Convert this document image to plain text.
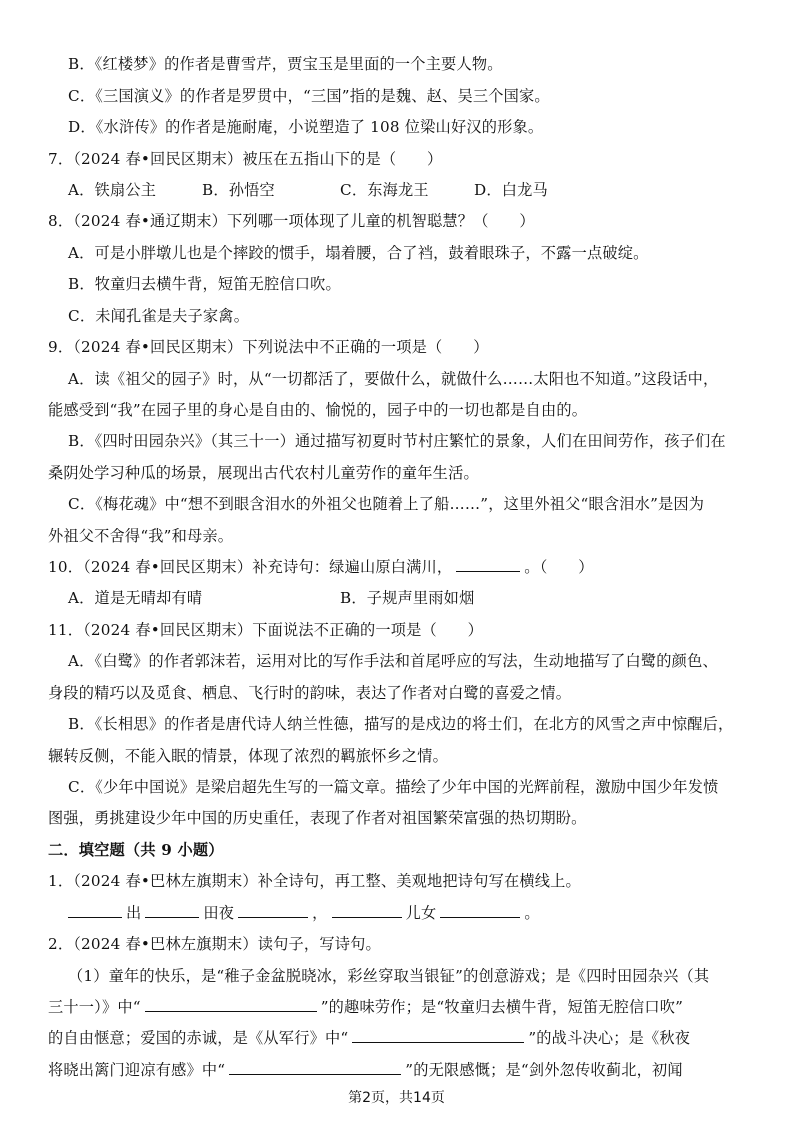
B．《红楼梦》的作者是曹雪芹，贾宝玉是里面的一个主要人物。
C．《三国演义》的作者是罗贯中，“三国”指的是魏、赵、吴三个国家。
D．《水浒传》的作者是施耐庵，小说塑造了 108 位梁山好汉的形象。
7．（2024 春•回民区期末）被压在五指山下的是（　　）
A．铁扇公主	B．孙悟空	C．东海龙王	D．白龙马
8．（2024 春•通辽期末）下列哪一项体现了儿童的机智聪慧？（　　）
A．可是小胖墩儿也是个摔跤的惯手，塌着腰，合了裆，鼓着眼珠子，不露一点破绽。
B．牧童归去横牛背，短笛无腔信口吹。
C．未闻孔雀是夫子家禽。
9．（2024 春•回民区期末）下列说法中不正确的一项是（　　）
A．读《祖父的园子》时，从“一切都活了，要做什么，就做什么……太阳也不知道。”这段话中，
能感受到“我”在园子里的身心是自由的、愉悦的，园子中的一切也都是自由的。
B．《四时田园杂兴》（其三十一）通过描写初夏时节村庄繁忙的景象，人们在田间劳作，孩子们在
桑阴处学习种瓜的场景，展现出古代农村儿童劳作的童年生活。
C．《梅花魂》中“想不到眼含泪水的外祖父也随着上了船……”，这里外祖父“眼含泪水”是因为
外祖父不舍得“我”和母亲。
10．（2024 春•回民区期末）补充诗句：绿遍山原白满川，	。（　　）
A．道是无晴却有晴	B．子规声里雨如烟
11．（2024 春•回民区期末）下面说法不正确的一项是（　　）
A．《白鹭》的作者郭沫若，运用对比的写作手法和首尾呼应的写法，生动地描写了白鹭的颜色、
身段的精巧以及觅食、栖息、飞行时的韵味，表达了作者对白鹭的喜爱之情。
B．《长相思》的作者是唐代诗人纳兰性德，描写的是戍边的将士们，在北方的风雪之声中惊醒后，
辗转反侧，不能入眠的情景，体现了浓烈的羁旅怀乡之情。
C．《少年中国说》是梁启超先生写的一篇文章。描绘了少年中国的光辉前程，激励中国少年发愤
图强，勇挑建设少年中国的历史重任，表现了作者对祖国繁荣富强的热切期盼。
二．填空题（共 9 小题）
1．（2024 春•巴林左旗期末）补全诗句，再工整、美观地把诗句写在横线上。
出	田夜	，	儿女	。
2．（2024 春•巴林左旗期末）读句子，写诗句。
（1）童年的快乐，是“稚子金盆脱晓冰，彩丝穿取当银钲”的创意游戏；是《四时田园杂兴（其
三十一）》中“	”的趣味劳作；是“牧童归去横牛背，短笛无腔信口吹”
的自由惬意；爱国的赤诚，是《从军行》中“	”的战斗决心；是《秋夜
将晓出篱门迎凉有感》中“	”的无限感慨；是“剑外忽传收蓟北，初闻
第2页，共14页
